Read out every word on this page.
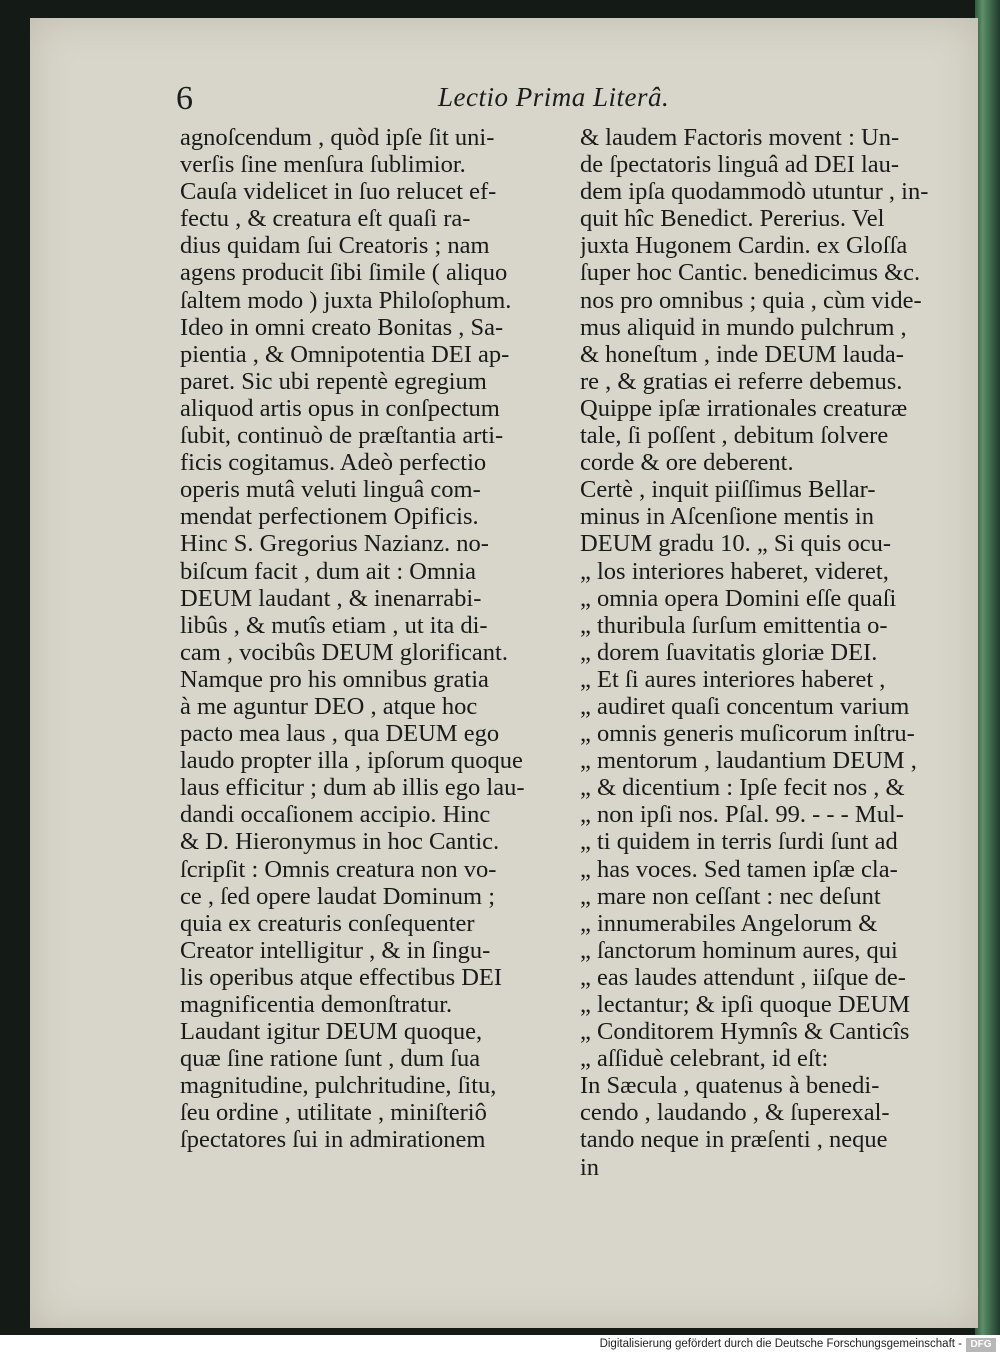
6	Lectio Prima Literâ.
agnoſcendum , quòd ipſe ſit uni-
verſis ſine menſura ſublimior.
Cauſa videlicet in ſuo relucet ef-
fectu , & creatura eſt quaſi ra-
dius quidam ſui Creatoris ; nam
agens producit ſibi ſimile ( aliquo
ſaltem modo ) juxta Philoſophum.
Ideo in omni creato Bonitas , Sa-
pientia , & Omnipotentia DEI ap-
paret. Sic ubi repentè egregium
aliquod artis opus in conſpectum
ſubit, continuò de præſtantia arti-
ficis cogitamus. Adeò perfectio
operis mutâ veluti linguâ com-
mendat perfectionem Opificis.
Hinc S. Gregorius Nazianz. no-
biſcum facit , dum ait : Omnia
DEUM laudant , & inenarrabi-
libûs , & mutîs etiam , ut ita di-
cam , vocibûs DEUM glorificant.
Namque pro his omnibus gratia
à me aguntur DEO , atque hoc
pacto mea laus , qua DEUM ego
laudo propter illa , ipſorum quoque
laus efficitur ; dum ab illis ego lau-
dandi occaſionem accipio. Hinc
& D. Hieronymus in hoc Cantic.
ſcripſit : Omnis creatura non vo-
ce , ſed opere laudat Dominum ;
quia ex creaturis conſequenter
Creator intelligitur , & in ſingu-
lis operibus atque effectibus DEI
magnificentia demonſtratur.
Laudant igitur DEUM quoque,
quæ ſine ratione ſunt , dum ſua
magnitudine, pulchritudine, ſitu,
ſeu ordine , utilitate , miniſteriô
ſpectatores ſui in admirationem
& laudem Factoris movent : Un-
de ſpectatoris linguâ ad DEI lau-
dem ipſa quodammodò utuntur , in-
quit hîc Benedict. Pererius. Vel
juxta Hugonem Cardin. ex Gloſſa
ſuper hoc Cantic. benedicimus &c.
nos pro omnibus ; quia , cùm vide-
mus aliquid in mundo pulchrum ,
& honeſtum , inde DEUM lauda-
re , & gratias ei referre debemus.
Quippe ipſæ irrationales creaturæ
tale, ſi poſſent , debitum ſolvere
corde & ore deberent.
Certè , inquit piiſſimus Bellar-
minus in Aſcenſione mentis in
DEUM gradu 10. „ Si quis ocu-
„ los interiores haberet, videret,
„ omnia opera Domini eſſe quaſi
„ thuribula ſurſum emittentia o-
„ dorem ſuavitatis gloriæ DEI.
„ Et ſi aures interiores haberet ,
„ audiret quaſi concentum varium
„ omnis generis muſicorum inſtru-
„ mentorum , laudantium DEUM ,
„ & dicentium : Ipſe fecit nos , &
„ non ipſi nos. Pſal. 99. - - - Mul-
„ ti quidem in terris ſurdi ſunt ad
„ has voces. Sed tamen ipſæ cla-
„ mare non ceſſant : nec deſunt
„ innumerabiles Angelorum &
„ ſanctorum hominum aures, qui
„ eas laudes attendunt , iiſque de-
„ lectantur; & ipſi quoque DEUM
„ Conditorem Hymnîs & Canticîs
„ aſſiduè celebrant, id eſt:
In Sæcula , quatenus à benedi-
cendo , laudando , & ſuperexal-
tando neque in præſenti , neque
in
Digitalisierung gefördert durch die Deutsche Forschungsgemeinschaft - DFG
